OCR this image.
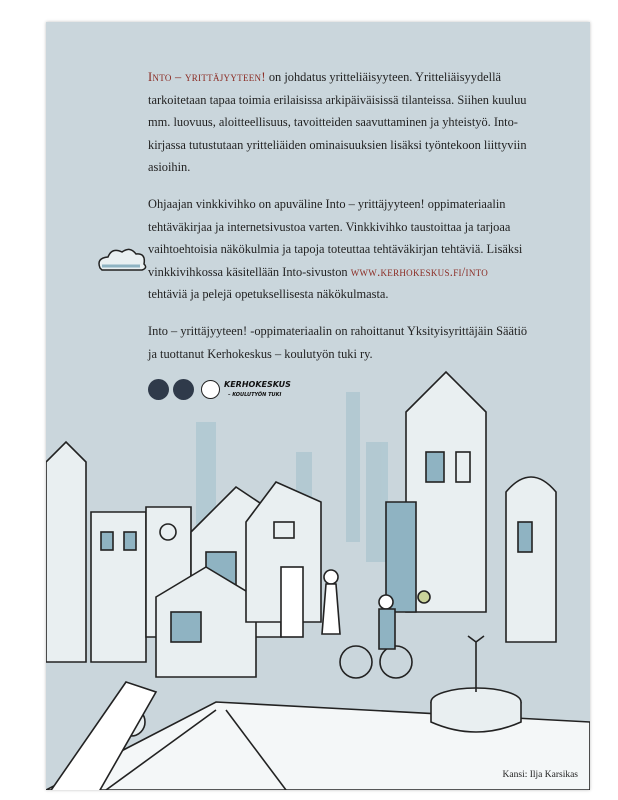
Into – yrittäjyyteen! on johdatus yritteliäisyyteen. Yritteliäisyydellä tarkoitetaan tapaa toimia erilaisissa arkipäiväisissä tilanteissa. Siihen kuuluu mm. luovuus, aloitteellisuus, tavoitteiden saavuttaminen ja yhteistyö. Into-kirjassa tutustutaan yritteliäiden ominaisuuksien lisäksi työntekoon liittyviin asioihin.

Ohjaajan vinkkivihko on apuväline Into – yrittäjyyteen! oppimateriaalin tehtäväkirjaa ja internetsivustoa varten. Vinkkivihko taustoittaa ja tarjoaa vaihtoehtoisia näkökulmia ja tapoja toteuttaa tehtäväkirjan tehtäviä. Lisäksi vinkkivihkossa käsitellään Into-sivuston www.kerhokeskus.fi/into tehtäviä ja pelejä opetuksellisesta näkökulmasta.

Into – yrittäjyyteen! -oppimateriaalin on rahoittanut Yksityisyrittäjäin Säätiö ja tuottanut Kerhokeskus – koulutyön tuki ry.

KERHOKESKUS
– KOULUTYÖN TUKI
Kansi: Ilja Karsikas
